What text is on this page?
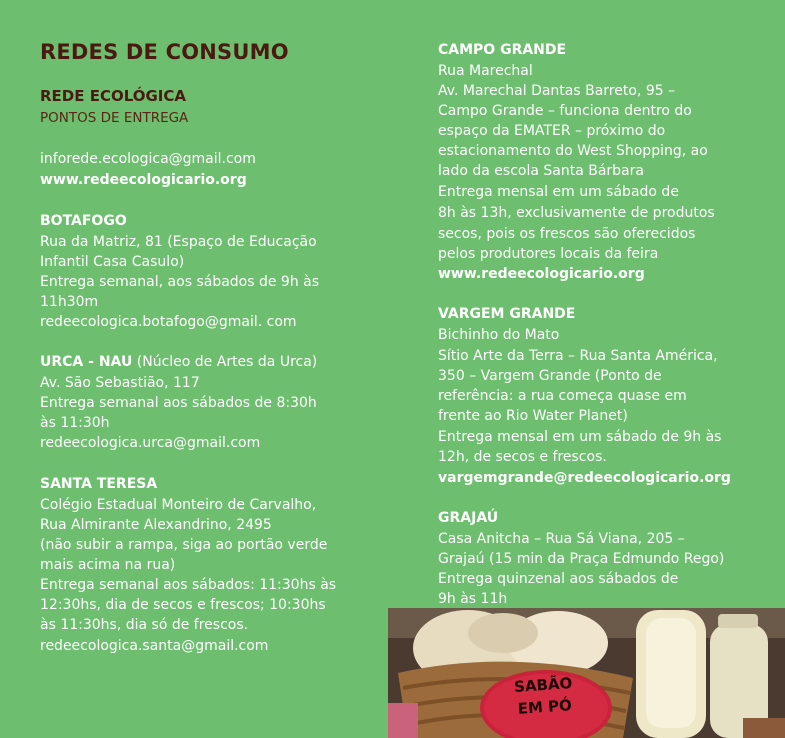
REDES DE CONSUMO
REDE ECOLÓGICA
PONTOS DE ENTREGA
inforede.ecologica@gmail.com
www.redeecologicario.org
BOTAFOGO
Rua da Matriz, 81 (Espaço de Educação
Infantil Casa Casulo)
Entrega semanal, aos sábados de 9h às
11h30m
redeecologica.botafogo@gmail. com
URCA - NAU (Núcleo de Artes da Urca)
Av. São Sebastião, 117
Entrega semanal aos sábados de 8:30h
às 11:30h
redeecologica.urca@gmail.com
SANTA TERESA
Colégio Estadual Monteiro de Carvalho,
Rua Almirante Alexandrino, 2495
(não subir a rampa, siga ao portão verde
mais acima na rua)
Entrega semanal aos sábados: 11:30hs às
12:30hs, dia de secos e frescos; 10:30hs
às 11:30hs, dia só de frescos.
redeecologica.santa@gmail.com
CAMPO GRANDE
Rua Marechal
Av. Marechal Dantas Barreto, 95 –
Campo Grande – funciona dentro do
espaço da EMATER – próximo do
estacionamento do West Shopping, ao
lado da escola Santa Bárbara
Entrega mensal em um sábado de
8h às 13h, exclusivamente de produtos
secos, pois os frescos são oferecidos
pelos produtores locais da feira
www.redeecologicario.org
VARGEM GRANDE
Bichinho do Mato
Sítio Arte da Terra – Rua Santa América,
350 – Vargem Grande (Ponto de
referência: a rua começa quase em
frente ao Rio Water Planet)
Entrega mensal em um sábado de 9h às
12h, de secos e frescos.
vargemgrande@redeecologicario.org
GRAJAÚ
Casa Anitcha – Rua Sá Viana, 205 –
Grajaú (15 min da Praça Edmundo Rego)
Entrega quinzenal aos sábados de
9h às 11h
SABÃO
EM PÓ
